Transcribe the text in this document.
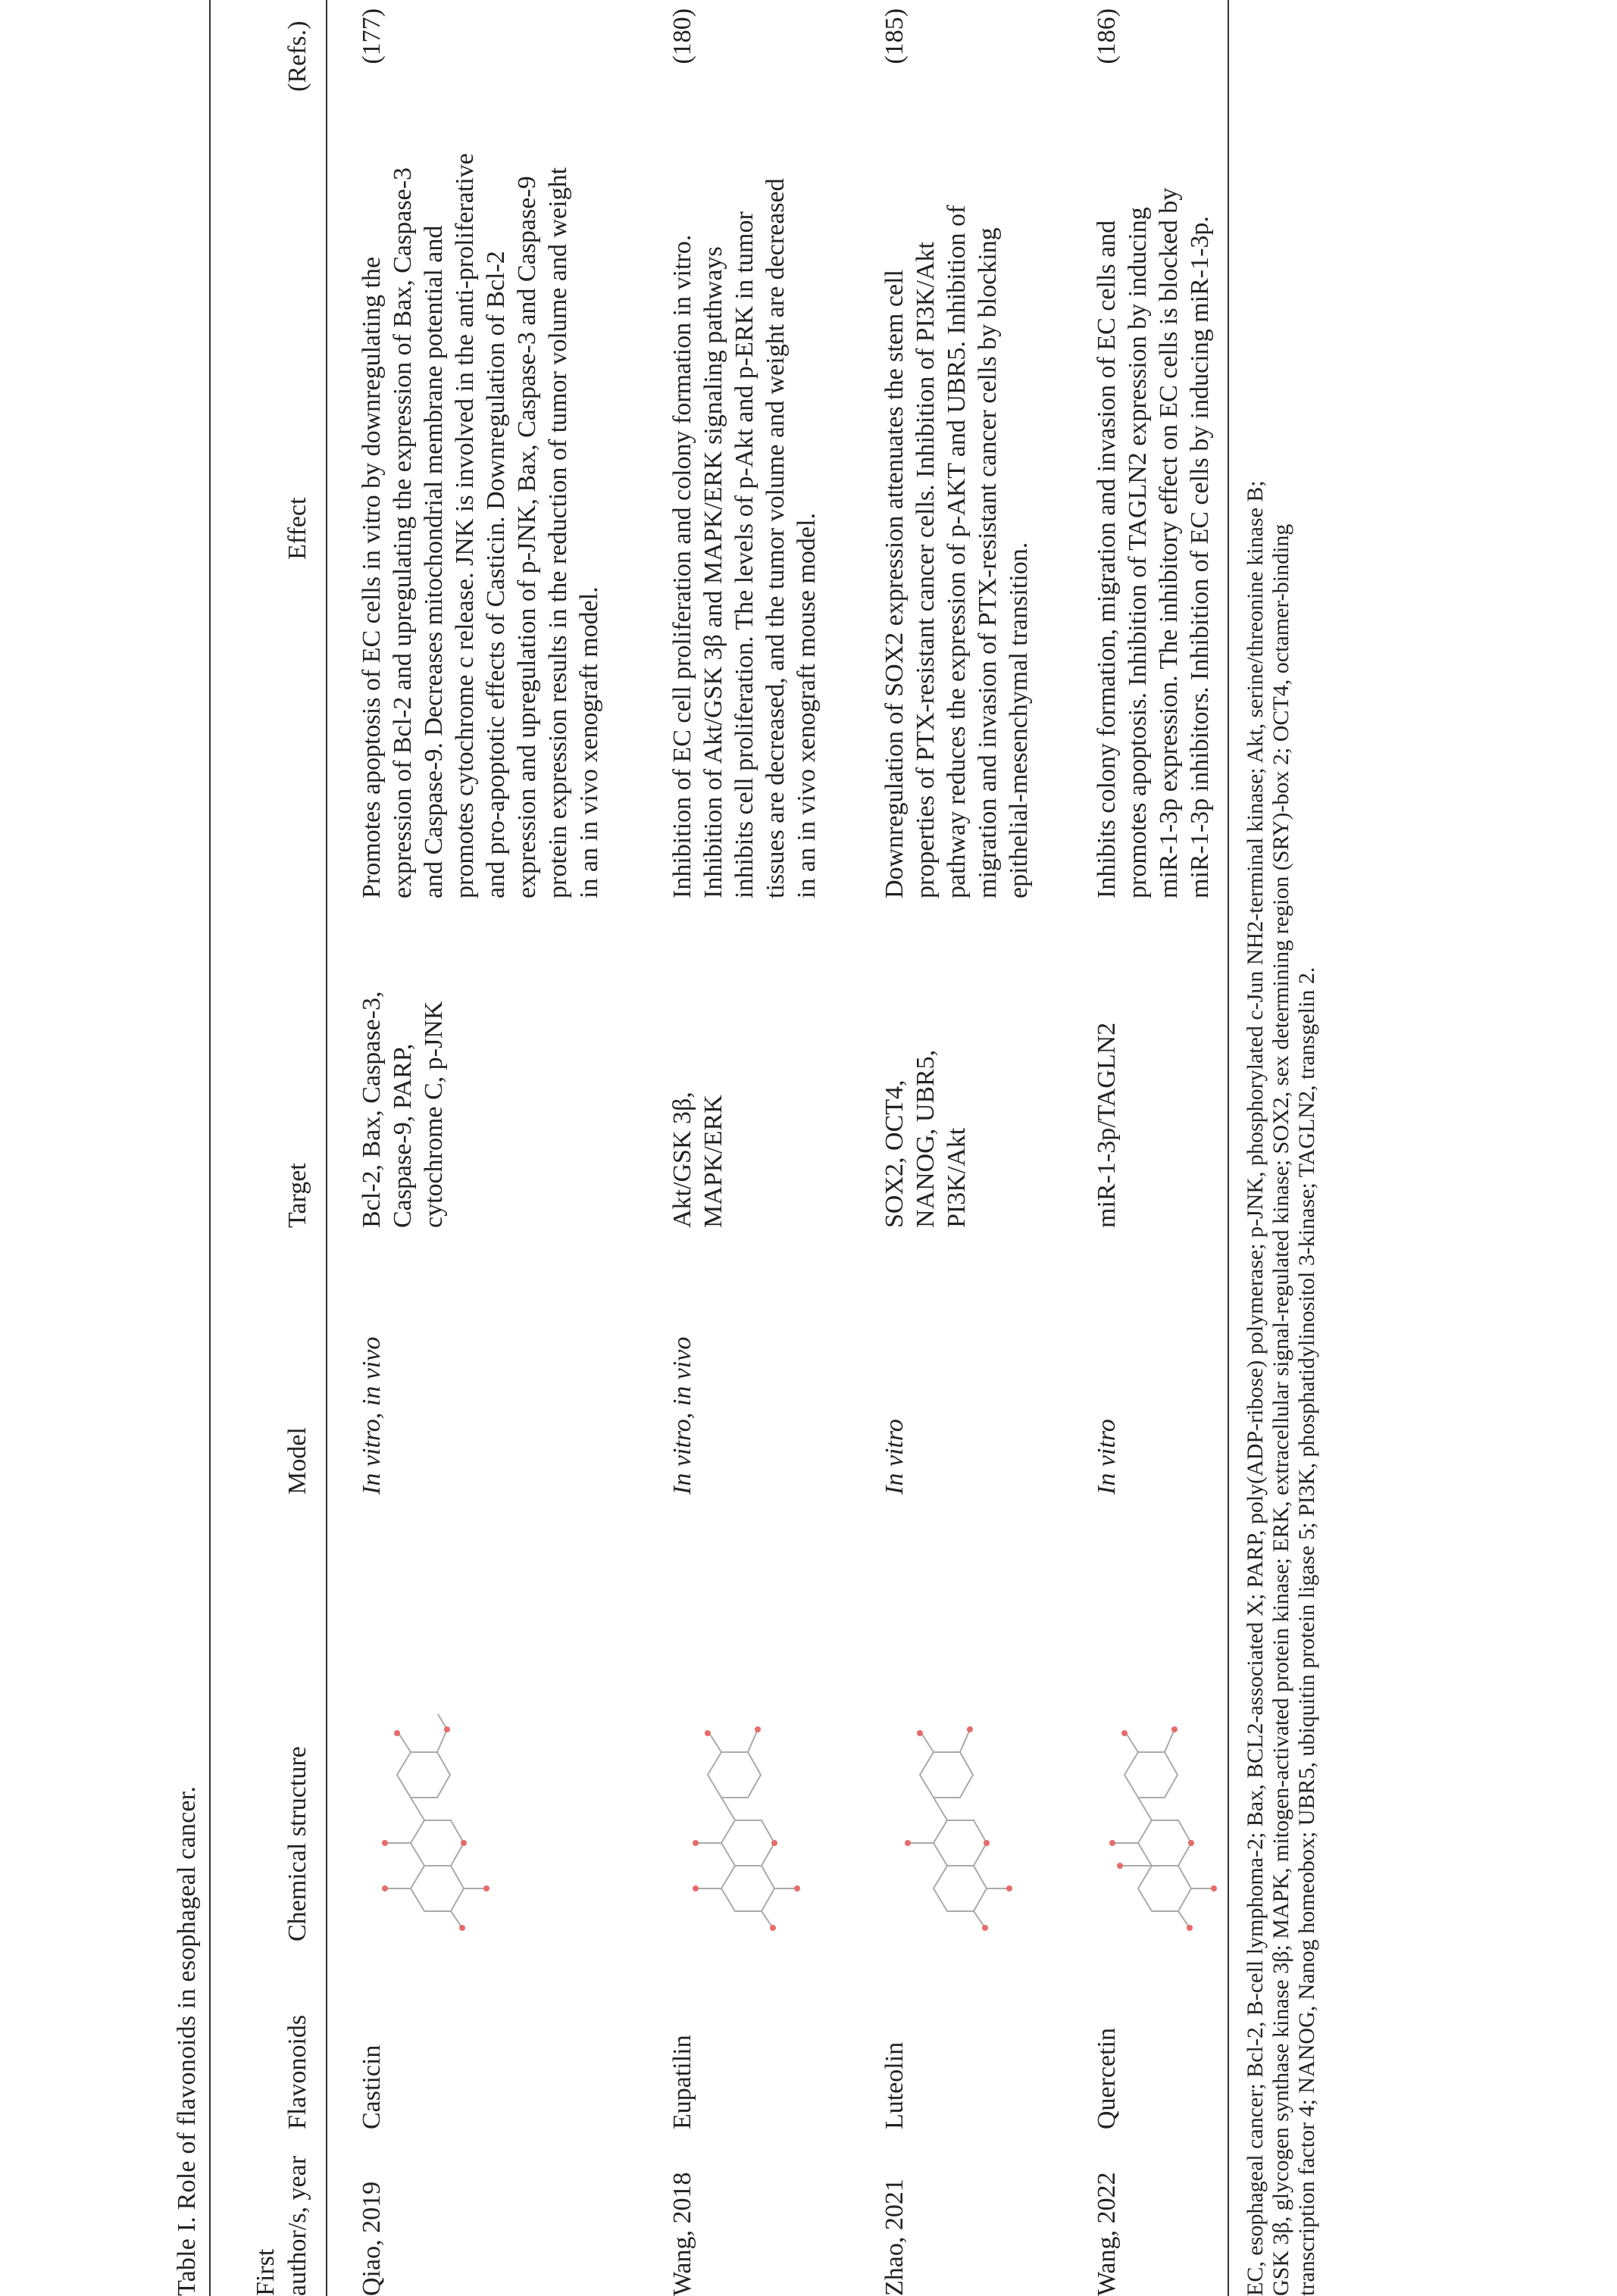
Table I. Role of flavonoids in esophageal cancer. First author/s, year
Flavonoids
Chemical structure
Model
Target
Effect
(Refs.)
Qiao, 2019
Casticin
In vitro, in vivo
Bcl-2, Bax, Caspase-3, Caspase-9, PARP, cytochrome C, p-JNK
Promotes apoptosis of EC cells in vitro by downregulating the expression of Bcl-2 and upregulating the expression of Bax, Caspase-3 and Caspase-9. Decreases mitochondrial membrane potential and promotes cytochrome c release. JNK is involved in the anti-proliferative and pro-apoptotic effects of Casticin. Downregulation of Bcl-2 expression and upregulation of p-JNK, Bax, Caspase-3 and Caspase-9 protein expression results in the reduction of tumor volume and weight in an in vivo xenograft model.
(177)
Wang, 2018
Eupatilin
In vitro, in vivo
Akt/GSK 3β, MAPK/ERK
Inhibition of EC cell proliferation and colony formation in vitro. Inhibition of Akt/GSK 3β and MAPK/ERK signaling pathways inhibits cell proliferation. The levels of p-Akt and p-ERK in tumor tissues are decreased, and the tumor volume and weight are decreased in an in vivo xenograft mouse model.
(180)
Zhao, 2021
Luteolin
In vitro
SOX2, OCT4, NANOG, UBR5, PI3K/Akt
Downregulation of SOX2 expression attenuates the stem cell properties of PTX-resistant cancer cells. Inhibition of PI3K/Akt pathway reduces the expression of p-AKT and UBR5. Inhibition of migration and invasion of PTX-resistant cancer cells by blocking epithelial-mesenchymal transition.
(185)
Wang, 2022
Quercetin
In vitro
miR-1-3p/TAGLN2
Inhibits colony formation, migration and invasion of EC cells and promotes apoptosis. Inhibition of TAGLN2 expression by inducing miR-1-3p expression. The inhibitory effect on EC cells is blocked by miR-1-3p inhibitors. Inhibition of EC cells by inducing miR-1-3p.
(186)
EC, esophageal cancer; Bcl-2, B-cell lymphoma-2; Bax, BCL2-associated X; PARP, poly(ADP-ribose) polymerase; p-JNK, phosphorylated c-Jun NH2-terminal kinase; Akt, serine/threonine kinase B; GSK 3β, glycogen synthase kinase 3β; MAPK, mitogen-activated protein kinase; ERK, extracellular signal-regulated kinase; SOX2, sex determining region (SRY)-box 2; OCT4, octamer-binding transcription factor 4; NANOG, Nanog homeobox; UBR5, ubiquitin protein ligase 5; PI3K, phosphatidylinositol 3-kinase; TAGLN2, transgelin 2.
